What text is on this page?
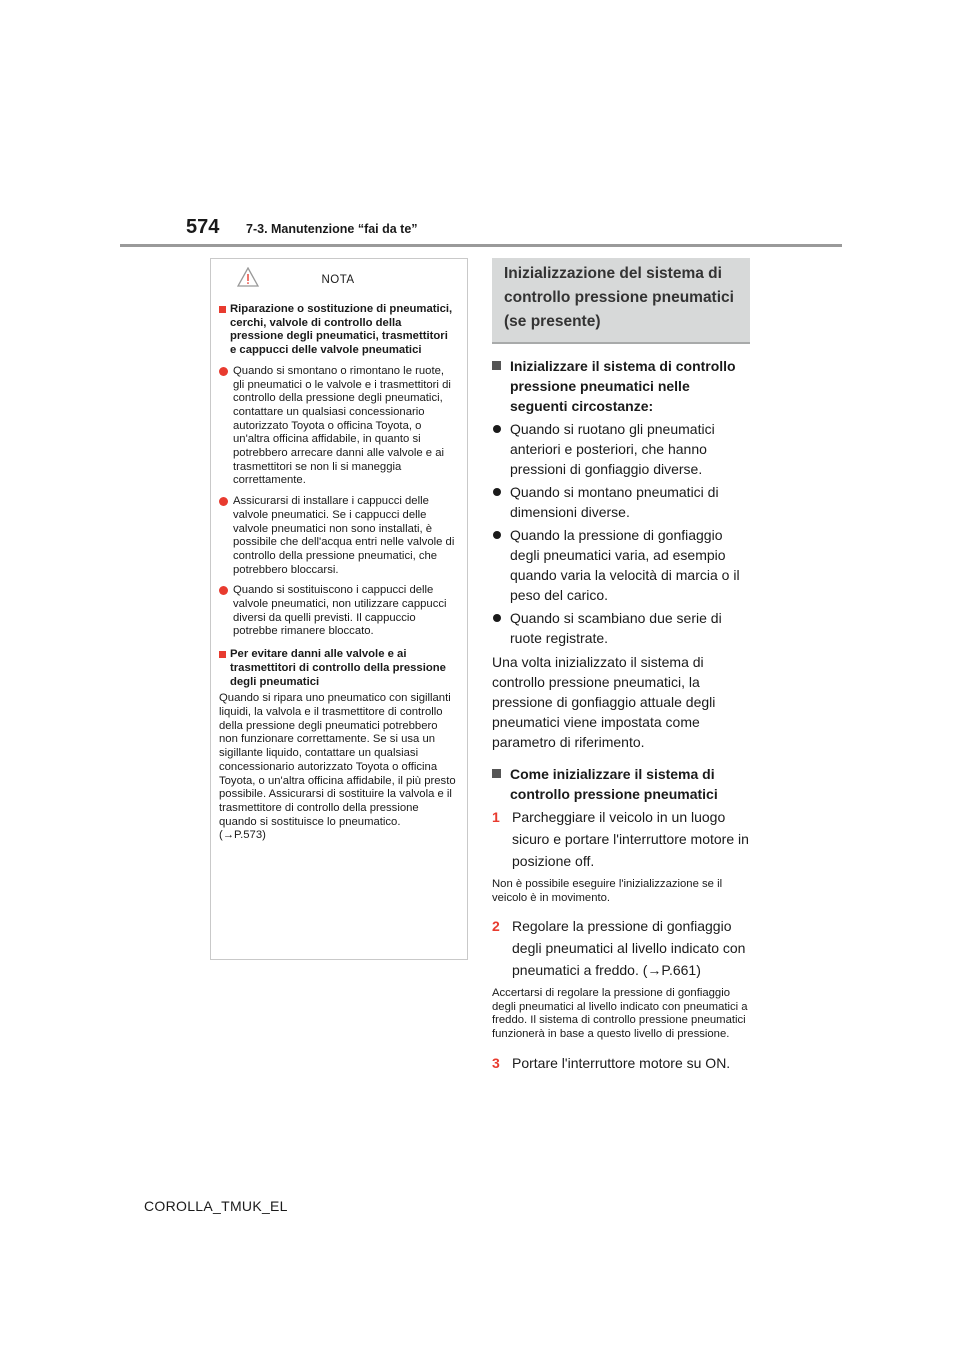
574 7-3. Manutenzione “fai da te”
NOTA
Riparazione o sostituzione di pneumatici, cerchi, valvole di controllo della pressione degli pneumatici, trasmettitori e cappucci delle valvole pneumatici
Quando si smontano o rimontano le ruote, gli pneumatici o le valvole e i trasmettitori di controllo della pressione degli pneumatici, contattare un qualsiasi concessionario autorizzato Toyota o officina Toyota, o un'altra officina affidabile, in quanto si potrebbero arrecare danni alle valvole e ai trasmettitori se non li si maneggia correttamente.
Assicurarsi di installare i cappucci delle valvole pneumatici. Se i cappucci delle valvole pneumatici non sono installati, è possibile che dell'acqua entri nelle valvole di controllo della pressione pneumatici, che potrebbero bloccarsi.
Quando si sostituiscono i cappucci delle valvole pneumatici, non utilizzare cappucci diversi da quelli previsti. Il cappuccio potrebbe rimanere bloccato.
Per evitare danni alle valvole e ai trasmettitori di controllo della pressione degli pneumatici
Quando si ripara uno pneumatico con sigillanti liquidi, la valvola e il trasmettitore di controllo della pressione degli pneumatici potrebbero non funzionare correttamente. Se si usa un sigillante liquido, contattare un qualsiasi concessionario autorizzato Toyota o officina Toyota, o un'altra officina affidabile, il più presto possibile. Assicurarsi di sostituire la valvola e il trasmettitore di controllo della pressione quando si sostituisce lo pneumatico.
(→P.573)
Inizializzazione del sistema di controllo pressione pneumatici (se presente)
Inizializzare il sistema di controllo pressione pneumatici nelle seguenti circostanze:
Quando si ruotano gli pneumatici anteriori e posteriori, che hanno pressioni di gonfiaggio diverse.
Quando si montano pneumatici di dimensioni diverse.
Quando la pressione di gonfiaggio degli pneumatici varia, ad esempio quando varia la velocità di marcia o il peso del carico.
Quando si scambiano due serie di ruote registrate.
Una volta inizializzato il sistema di controllo pressione pneumatici, la pressione di gonfiaggio attuale degli pneumatici viene impostata come parametro di riferimento.
Come inizializzare il sistema di controllo pressione pneumatici
1 Parcheggiare il veicolo in un luogo sicuro e portare l'interruttore motore in posizione off.
Non è possibile eseguire l'inizializzazione se il veicolo è in movimento.
2 Regolare la pressione di gonfiaggio degli pneumatici al livello indicato con pneumatici a freddo. (→P.661)
Accertarsi di regolare la pressione di gonfiaggio degli pneumatici al livello indicato con pneumatici a freddo. Il sistema di controllo pressione pneumatici funzionerà in base a questo livello di pressione.
3 Portare l'interruttore motore su ON.
COROLLA_TMUK_EL
